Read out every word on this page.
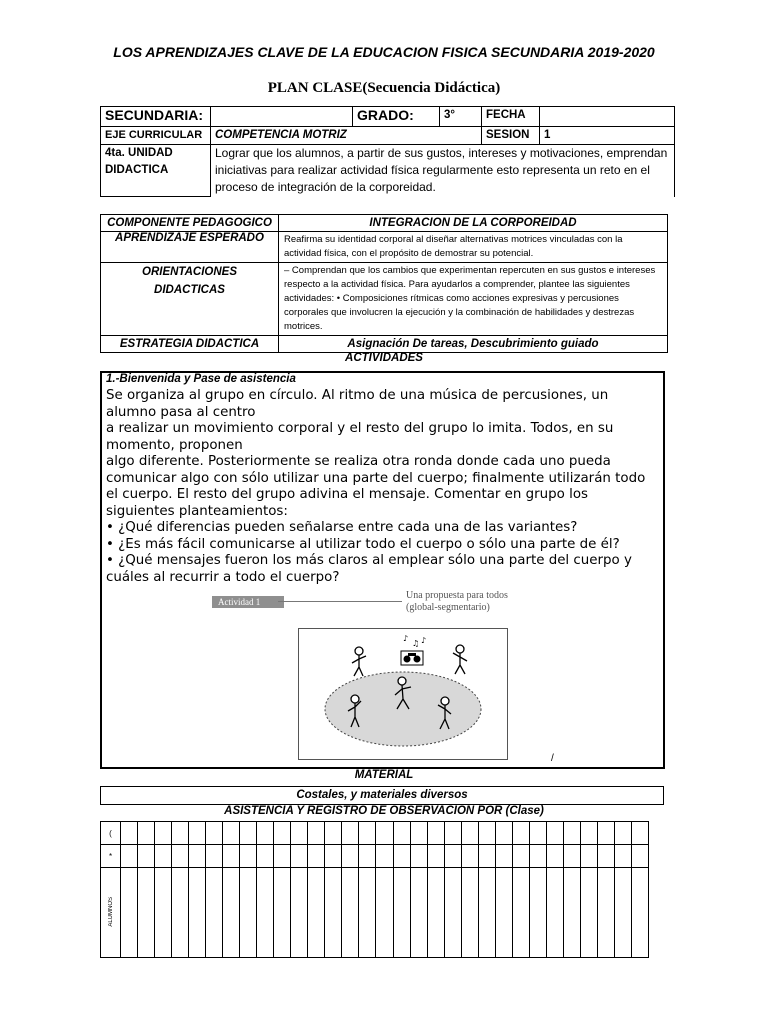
LOS APRENDIZAJES CLAVE DE LA EDUCACION FISICA SECUNDARIA 2019-2020
PLAN CLASE(Secuencia Didáctica)
SECUNDARIA:		GRADO:	3°	FECHA	
EJE CURRICULAR	COMPETENCIA MOTRIZ			SESION	1
4ta. UNIDAD DIDACTICA	Lograr que los alumnos, a partir de sus gustos, intereses y motivaciones, emprendan iniciativas para realizar actividad física regularmente esto representa un reto en el proceso de integración de la corporeidad.				
COMPONENTE PEDAGOGICO	INTEGRACION DE LA CORPOREIDAD
APRENDIZAJE ESPERADO	Reafirma su identidad corporal al diseñar alternativas motrices vinculadas con la actividad física, con el propósito de demostrar su potencial.
ORIENTACIONES DIDACTICAS	– Comprendan que los cambios que experimentan repercuten en sus gustos e intereses respecto a la actividad física. Para ayudarlos a comprender, plantee las siguientes actividades: • Composiciones rítmicas como acciones expresivas y percusiones corporales que involucren la ejecución y la combinación de habilidades y destrezas motrices.
ESTRATEGIA DIDACTICA	Asignación De tareas, Descubrimiento guiado
ACTIVIDADES
1.-Bienvenida y Pase de asistencia

Se organiza al grupo en círculo. Al ritmo de una música de percusiones, un alumno pasa al centro

a realizar un movimiento corporal y el resto del grupo lo imita. Todos, en su momento, proponen

algo diferente. Posteriormente se realiza otra ronda donde cada uno pueda comunicar algo con sólo utilizar una parte del cuerpo; finalmente utilizarán todo el cuerpo. El resto del grupo adivina el mensaje. Comentar en grupo los siguientes planteamientos:

• ¿Qué diferencias pueden señalarse entre cada una de las variantes?

• ¿Es más fácil comunicarse al utilizar todo el cuerpo o sólo una parte de él?

• ¿Qué mensajes fueron los más claros al emplear sólo una parte del cuerpo y cuáles al recurrir a todo el cuerpo?

Actividad 1
Una propuesta para todos
(global-segmentario)
♪
♫ ♪
/
MATERIAL
Costales, y materiales diversos
ASISTENCIA Y REGISTRO DE OBSERVACION POR (Clase)
(																															
*																															
ALUMNOS																															
